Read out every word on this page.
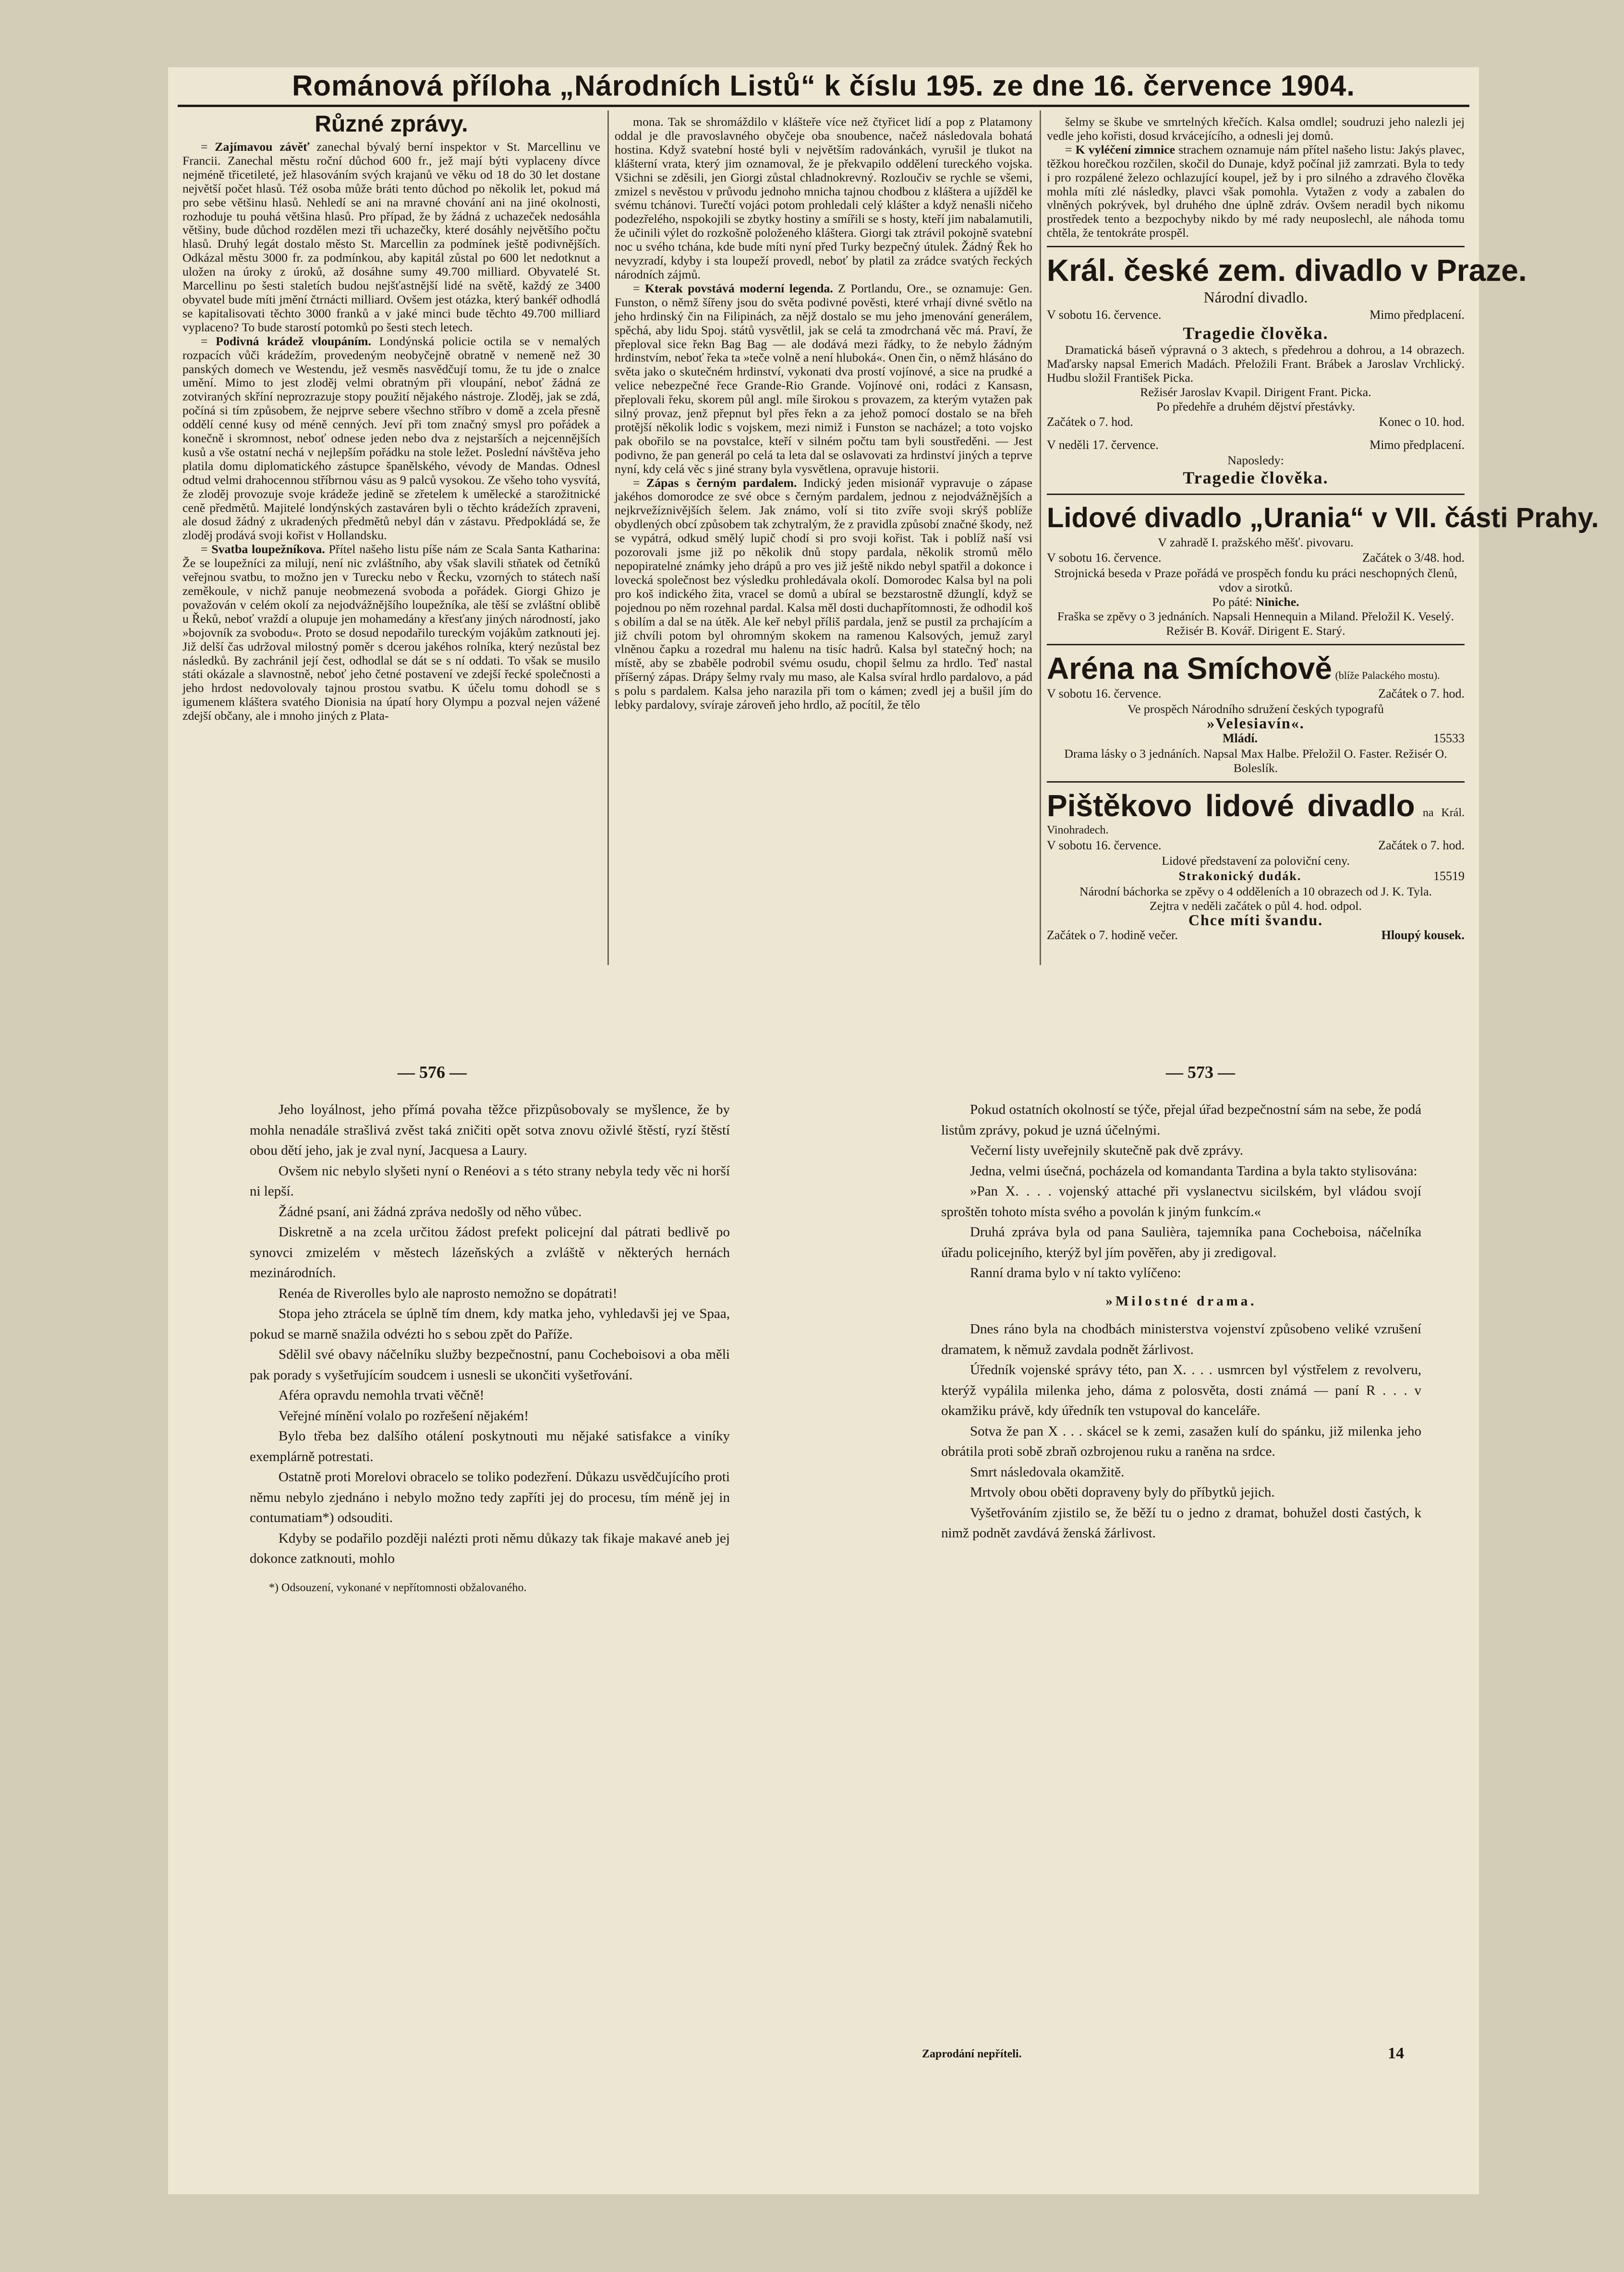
Románová příloha „Národních Listů“ k číslu 195. ze dne 16. července 1904.
Různé zprávy.

= Zajímavou závěť zanechal bývalý berní inspektor v St. Marcellinu ve Francii. Zanechal městu roční důchod 600 fr., jež mají býti vyplaceny dívce nejméně třicetileté, jež hlasováním svých krajanů ve věku od 18 do 30 let dostane největší počet hlasů. Též osoba může bráti tento důchod po několik let, pokud má pro sebe většinu hlasů. Nehledí se ani na mravné chování ani na jiné okolnosti, rozhoduje tu pouhá většina hlasů. Pro případ, že by žádná z uchazeček nedosáhla většiny, bude důchod rozdělen mezi tři uchazečky, které dosáhly největšího počtu hlasů. Druhý legát dostalo město St. Marcellin za podmínek ještě podivnějších. Odkázal městu 3000 fr. za podmínkou, aby kapitál zůstal po 600 let nedotknut a uložen na úroky z úroků, až dosáhne sumy 49.700 milliard. Obyvatelé St. Marcellinu po šesti staletích budou nejšťastnější lidé na světě, každý ze 3400 obyvatel bude míti jmění čtrnácti milliard. Ovšem jest otázka, který bankéř odhodlá se kapitalisovati těchto 3000 franků a v jaké minci bude těchto 49.700 milliard vyplaceno? To bude starostí potomků po šesti stech letech.

= Podivná krádež vloupáním. Londýnská policie octila se v nemalých rozpacích vůči krádežím, provedeným neobyčejně obratně v nemeně než 30 panských domech ve Westendu, jež vesměs nasvědčují tomu, že tu jde o znalce umění. Mimo to jest zloděj velmi obratným při vloupání, neboť žádná ze zotviraných skříní neprozrazuje stopy použití nějakého nástroje. Zloděj, jak se zdá, počíná si tím způsobem, že nejprve sebere všechno stříbro v domě a zcela přesně oddělí cenné kusy od méně cenných. Jeví při tom značný smysl pro pořádek a konečně i skromnost, neboť odnese jeden nebo dva z nejstarších a nejcennějších kusů a vše ostatní nechá v nejlepším pořádku na stole ležet. Poslední návštěva jeho platila domu diplomatického zástupce španělského, vévody de Mandas. Odnesl odtud velmi drahocennou stříbrnou vásu as 9 palců vysokou. Ze všeho toho vysvítá, že zloděj provozuje svoje krádeže jedině se zřetelem k umělecké a starožitnické ceně předmětů. Majitelé londýnských zastaváren byli o těchto krádežích zpraveni, ale dosud žádný z ukradených předmětů nebyl dán v zástavu. Předpokládá se, že zloděj prodává svoji kořist v Hollandsku.

= Svatba loupežníkova. Přítel našeho listu píše nám ze Scala Santa Katharina: Že se loupežníci za milují, není nic zvláštního, aby však slavili stňatek od četníků veřejnou svatbu, to možno jen v Turecku nebo v Řecku, vzorných to státech naší zeměkoule, v nichž panuje neobmezená svoboda a pořádek. Giorgi Ghizo je považován v celém okolí za nejodvážnějšího loupežníka, ale těší se zvláštní oblibě u Řeků, neboť vraždí a olupuje jen mohamedány a křesťany jiných národností, jako »bojovník za svobodu«. Proto se dosud nepodařilo tureckým vojákům zatknouti jej. Již delší čas udržoval milostný poměr s dcerou jakéhos rolníka, který nezůstal bez následků. By zachránil její čest, odhodlal se dát se s ní oddati. To však se musilo státi okázale a slavnostně, neboť jeho četné postavení ve zdejší řecké společnosti a jeho hrdost nedovolovaly tajnou prostou svatbu. K účelu tomu dohodl se s igumenem kláštera svatého Dionisia na úpatí hory Olympu a pozval nejen vážené zdejší občany, ale i mnoho jiných z Plata-

mona. Tak se shromáždilo v klášteře více než čtyřicet lidí a pop z Platamony oddal je dle pravoslavného obyčeje oba snoubence, načež následovala bohatá hostina. Když svatební hosté byli v největším radovánkách, vyrušil je tlukot na klášterní vrata, který jim oznamoval, že je překvapilo oddělení tureckého vojska. Všichni se zděsili, jen Giorgi zůstal chladnokrevný. Rozloučiv se rychle se všemi, zmizel s nevěstou v průvodu jednoho mnicha tajnou chodbou z kláštera a ujížděl ke svému tchánovi. Turečtí vojáci potom prohledali celý klášter a když nenašli ničeho podezřelého, nspokojili se zbytky hostiny a smířili se s hosty, kteří jim nabalamutili, že učinili výlet do rozkošně položeného kláštera. Giorgi tak ztrávil pokojně svatební noc u svého tchána, kde bude míti nyní před Turky bezpečný útulek. Žádný Řek ho nevyzradí, kdyby i sta loupeží provedl, neboť by platil za zrádce svatých řeckých národních zájmů.

= Kterak povstává moderní legenda. Z Portlandu, Ore., se oznamuje: Gen. Funston, o němž šířeny jsou do světa podivné pověsti, které vrhají divné světlo na jeho hrdinský čin na Filipinách, za nějž dostalo se mu jeho jmenování generálem, spěchá, aby lidu Spoj. států vysvětlil, jak se celá ta zmodrchaná věc má. Praví, že přeploval sice řekn Bag Bag — ale dodává mezi řádky, to že nebylo žádným hrdinstvím, neboť řeka ta »teče volně a není hluboká«. Onen čin, o němž hlásáno do světa jako o skutečném hrdinství, vykonati dva prostí vojínové, a sice na prudké a velice nebezpečné řece Grande-Rio Grande. Vojínové oni, rodáci z Kansasn, přeplovali řeku, skorem půl angl. míle širokou s provazem, za kterým vytažen pak silný provaz, jenž přepnut byl přes řekn a za jehož pomocí dostalo se na břeh protější několik lodic s vojskem, mezi nimiž i Funston se nacházel; a toto vojsko pak obořilo se na povstalce, kteří v silném počtu tam byli soustředěni. — Jest podivno, že pan generál po celá ta leta dal se oslavovati za hrdinství jiných a teprve nyní, kdy celá věc s jiné strany byla vysvětlena, opravuje historii.

= Zápas s černým pardalem. Indický jeden misionář vypravuje o zápase jakéhos domorodce ze své obce s černým pardalem, jednou z nejodvážnějších a nejkrvežíznivějších šelem. Jak známo, volí si tito zvíře svoji skrýš poblíže obydlených obcí způsobem tak zchytralým, že z pravidla způsobí značné škody, než se vypátrá, odkud smělý lupič chodí si pro svoji kořist. Tak i poblíž naší vsi pozorovali jsme již po několik dnů stopy pardala, několik stromů mělo nepopiratelné známky jeho drápů a pro ves již ještě nikdo nebyl spatřil a dokonce i lovecká společnost bez výsledku prohledávala okolí. Domorodec Kalsa byl na poli pro koš indického žita, vracel se domů a ubíral se bezstarostně džunglí, když se pojednou po něm rozehnal pardal. Kalsa měl dosti duchapřítomnosti, že odhodil koš s obilím a dal se na útěk. Ale keř nebyl příliš pardala, jenž se pustil za prchajícím a již chvíli potom byl ohromným skokem na ramenou Kalsových, jemuž zaryl vlněnou čapku a rozedral mu halenu na tisíc hadrů. Kalsa byl statečný hoch; na místě, aby se zbaběle podrobil svému osudu, chopil šelmu za hrdlo. Teď nastal příšerný zápas. Drápy šelmy rvaly mu maso, ale Kalsa svíral hrdlo pardalovo, a pád s polu s pardalem. Kalsa jeho narazila při tom o kámen; zvedl jej a bušil jím do lebky pardalovy, svíraje zároveň jeho hrdlo, až pocítil, že tělo

šelmy se škube ve smrtelných křečích. Kalsa omdlel; soudruzi jeho nalezli jej vedle jeho kořisti, dosud krvácejícího, a odnesli jej domů.

= K vyléčení zimnice strachem oznamuje nám přítel našeho listu: Jakýs plavec, těžkou horečkou rozčilen, skočil do Dunaje, když počínal již zamrzati. Byla to tedy i pro rozpálené železo ochlazující koupel, jež by i pro silného a zdravého člověka mohla míti zlé následky, plavci však pomohla. Vytažen z vody a zabalen do vlněných pokrývek, byl druhého dne úplně zdráv. Ovšem neradil bych nikomu prostředek tento a bezpochyby nikdo by mé rady neuposlechl, ale náhoda tomu chtěla, že tentokráte prospěl.

Král. české zem. divadlo v Praze.
Národní divadlo.
V sobotu 16. července.	Mimo předplacení.
Tragedie člověka.

Dramatická báseň výpravná o 3 aktech, s předehrou a dohrou, a 14 obrazech. Maďarsky napsal Emerich Madách. Přeložili Frant. Brábek a Jaroslav Vrchlický. Hudbu složil František Picka.

Režisér Jaroslav Kvapil. Dirigent Frant. Picka.
Po předehře a druhém dějství přestávky.
Začátek o 7. hod.	Konec o 10. hod.
V neděli 17. července.	Mimo předplacení.
Naposledy:
Tragedie člověka.
Lidové divadlo „Urania“ v VII. části Prahy.
V zahradě I. pražského měšť. pivovaru.
V sobotu 16. července.	Začátek o 3/48. hod.
Strojnická beseda v Praze pořádá ve prospěch fondu ku práci neschopných členů, vdov a sirotků.
Po páté: Niniche.
Fraška se zpěvy o 3 jednáních. Napsali Hennequin a Miland. Přeložil K. Veselý. Režisér B. Kovář. Dirigent E. Starý.
Aréna na Smíchově (blíže Palackého mostu).
V sobotu 16. července.	Začátek o 7. hod.
Ve prospěch Národního sdružení českých typografů
»Velesiavín«.
Mládí.	15533
Drama lásky o 3 jednáních. Napsal Max Halbe. Přeložil O. Faster. Režisér O. Boleslík.
Pištěkovo lidové divadlo na Král. Vinohradech.
V sobotu 16. července.	Začátek o 7. hod.
Lidové představení za poloviční ceny.
Strakonický dudák.	15519
Národní báchorka se zpěvy o 4 odděleních a 10 obrazech od J. K. Tyla.
Zejtra v neděli začátek o půl 4. hod. odpol.
Chce míti švandu.
Začátek o 7. hodině večer.	Hloupý kousek.
— 576 —	— 573 —

Jeho loyálnost, jeho přímá povaha těžce přizpůsobovaly se myšlence, že by mohla nenadále strašlivá zvěst taká zničiti opět sotva znovu oživlé štěstí, ryzí štěstí obou dětí jeho, jak je zval nyní, Jacquesa a Laury.

Ovšem nic nebylo slyšeti nyní o Renéovi a s této strany nebyla tedy věc ni horší ni lepší.

Žádné psaní, ani žádná zpráva nedošly od něho vůbec.

Diskretně a na zcela určitou žádost prefekt policejní dal pátrati bedlivě po synovci zmizelém v městech lázeňských a zvláště v některých hernách mezinárodních.

Renéa de Riverolles bylo ale naprosto nemožno se dopátrati!

Stopa jeho ztrácela se úplně tím dnem, kdy matka jeho, vyhledavši jej ve Spaa, pokud se marně snažila odvézti ho s sebou zpět do Paříže.

Sdělil své obavy náčelníku služby bezpečnostní, panu Cocheboisovi a oba měli pak porady s vyšetřujícím soudcem i usnesli se ukončiti vyšetřování.

Aféra opravdu nemohla trvati věčně!

Veřejné mínění volalo po rozřešení nějakém!

Bylo třeba bez dalšího otálení poskytnouti mu nějaké satisfakce a viníky exemplárně potrestati.

Ostatně proti Morelovi obracelo se toliko podezření. Důkazu usvědčujícího proti němu nebylo zjednáno i nebylo možno tedy zapříti jej do procesu, tím méně jej in contumatiam*) odsouditi.

Kdyby se podařilo později nalézti proti němu důkazy tak fikaje makavé aneb jej dokonce zatknouti, mohlo

*) Odsouzení, vykonané v nepřítomnosti obžalovaného.

Pokud ostatních okolností se týče, přejal úřad bezpečnostní sám na sebe, že podá listům zprávy, pokud je uzná účelnými.

Večerní listy uveřejnily skutečně pak dvě zprávy.

Jedna, velmi úsečná, pocházela od komandanta Tardina a byla takto stylisována:

»Pan X. . . . vojenský attaché při vyslanectvu sicilském, byl vládou svojí sproštěn tohoto místa svého a povolán k jiným funkcím.«

Druhá zpráva byla od pana Saulièra, tajemníka pana Cocheboisa, náčelníka úřadu policejního, kterýž byl jím pověřen, aby ji zredigoval.

Ranní drama bylo v ní takto vylíčeno:

»Milostné drama.

Dnes ráno byla na chodbách ministerstva vojenství způsobeno veliké vzrušení dramatem, k němuž zavdala podnět žárlivost.

Úředník vojenské správy této, pan X. . . . usmrcen byl výstřelem z revolveru, kterýž vypálila milenka jeho, dáma z polosvěta, dosti známá — paní R . . . v okamžiku právě, kdy úředník ten vstupoval do kanceláře.

Sotva že pan X . . . skácel se k zemi, zasažen kulí do spánku, již milenka jeho obrátila proti sobě zbraň ozbrojenou ruku a raněna na srdce.

Smrt následovala okamžitě.

Mrtvoly obou oběti dopraveny byly do příbytků jejich.

Vyšetřováním zjistilo se, že běží tu o jedno z dramat, bohužel dosti častých, k nimž podnět zavdává ženská žárlivost.

Zaprodání nepříteli.	14
